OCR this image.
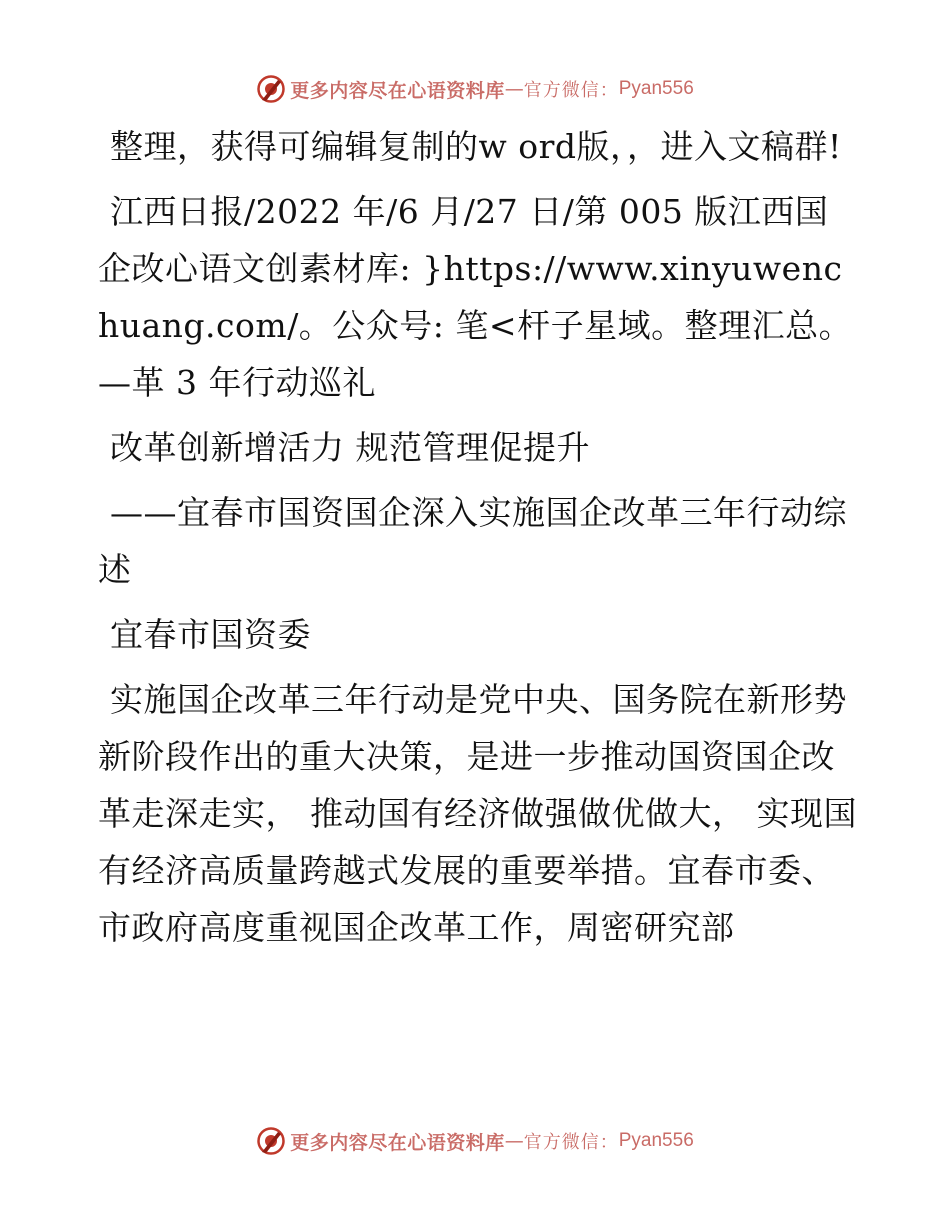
更多内容尽在心语资料库 — 官方微信： Pyan556

整理，获得可编辑复制的w ord版，，进入文稿群!

江西日报/2022 年/6 月/27 日/第 005 版江西国企改心语文创素材库: }https://www.xinyuwenchuang.com/。公众号: 笔<杆子星域。整理汇总。—革 3 年行动巡礼

改革创新增活力 规范管理促提升

——宜春市国资国企深入实施国企改革三年行动综述

宜春市国资委

实施国企改革三年行动是党中央、国务院在新形势新阶段作出的重大决策，是进一步推动国资国企改革走深走实， 推动国有经济做强做优做大， 实现国有经济高质量跨越式发展的重要举措。宜春市委、市政府高度重视国企改革工作，周密研究部

更多内容尽在心语资料库 — 官方微信： Pyan556
